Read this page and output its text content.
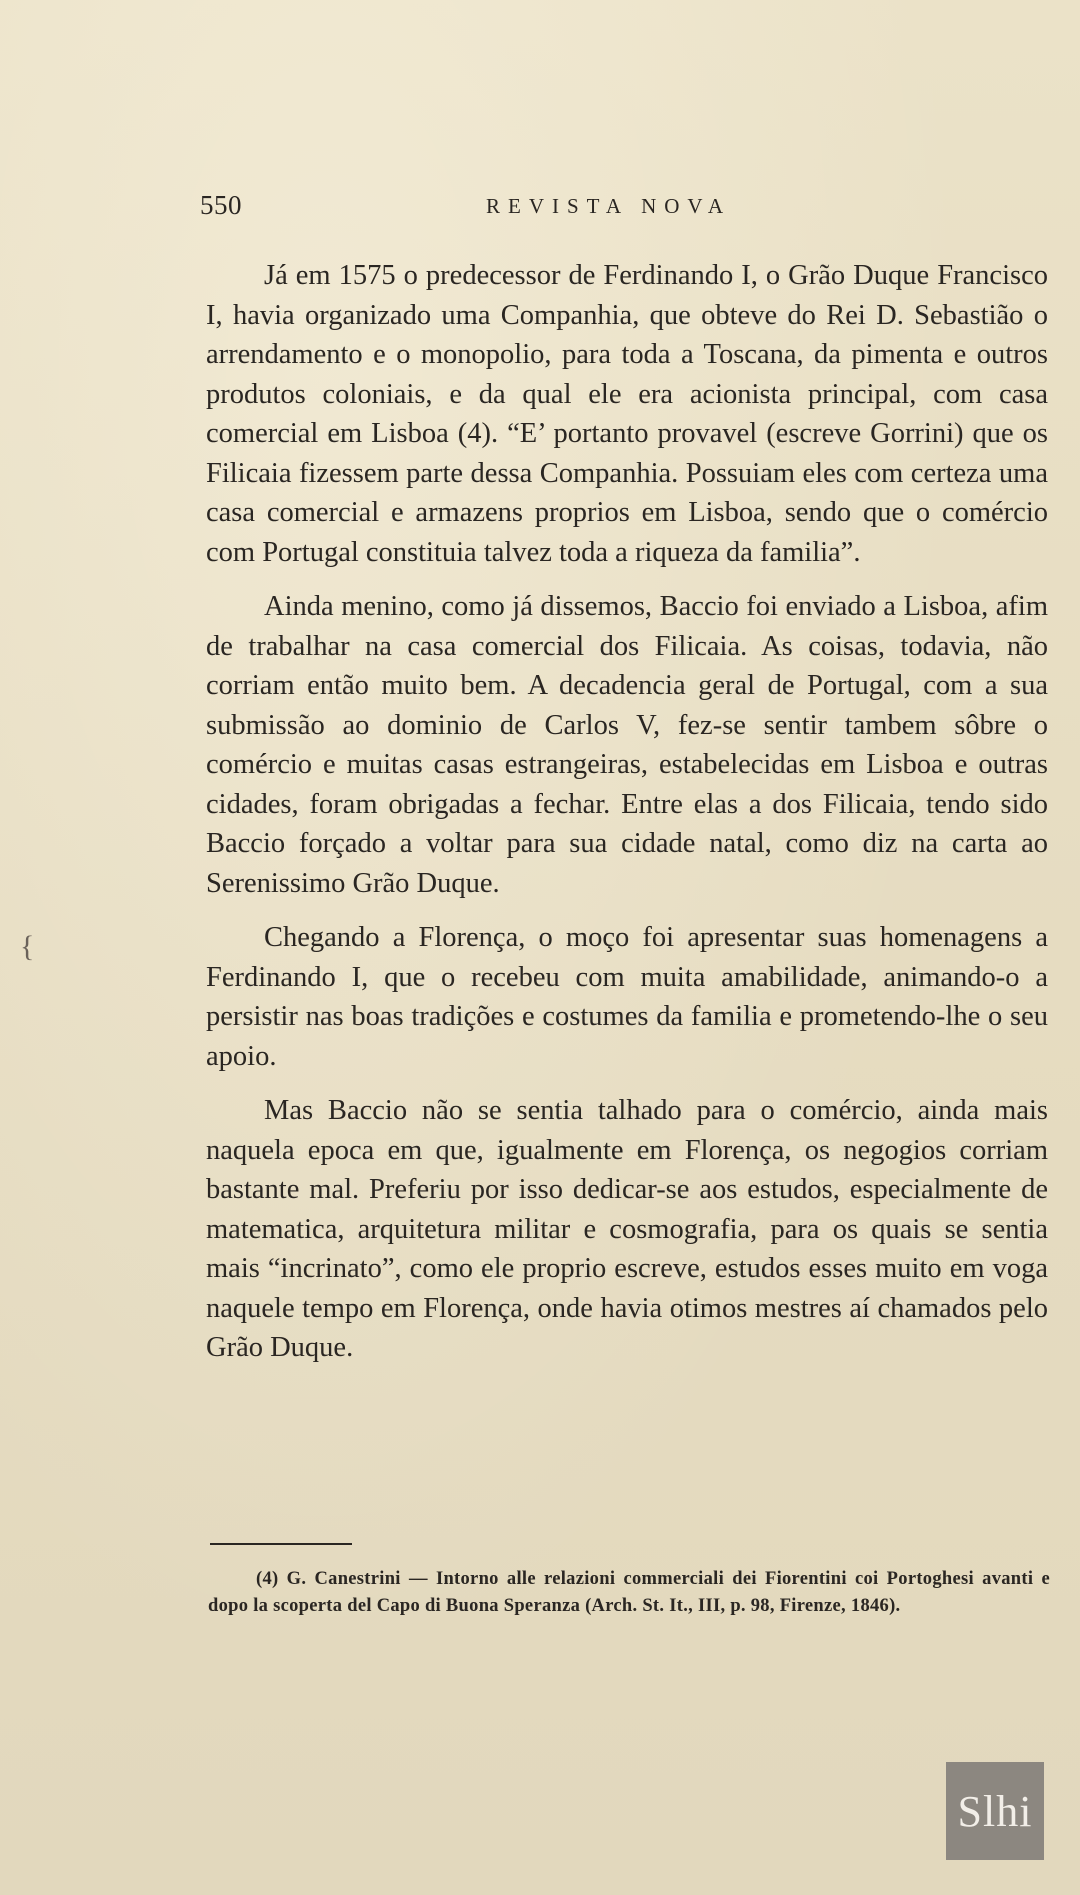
550	REVISTA NOVA

Já em 1575 o predecessor de Ferdinando I, o Grão Duque Francisco I, havia organizado uma Companhia, que obteve do Rei D. Sebastião o arrendamento e o monopolio, para toda a Toscana, da pimenta e outros produtos coloniais, e da qual ele era acionista principal, com casa comercial em Lisboa (4). “E’ portanto provavel (escreve Gorrini) que os Filicaia fizessem parte dessa Companhia. Possuiam eles com certeza uma casa comercial e armazens proprios em Lisboa, sendo que o comércio com Portugal constituia talvez toda a riqueza da familia”.

Ainda menino, como já dissemos, Baccio foi enviado a Lisboa, afim de trabalhar na casa comercial dos Filicaia. As coisas, todavia, não corriam então muito bem. A decadencia geral de Portugal, com a sua submissão ao dominio de Carlos V, fez-se sentir tambem sôbre o comércio e muitas casas estrangeiras, estabelecidas em Lisboa e outras cidades, foram obrigadas a fechar. Entre elas a dos Filicaia, tendo sido Baccio forçado a voltar para sua cidade natal, como diz na carta ao Serenissimo Grão Duque.

Chegando a Florença, o moço foi apresentar suas homenagens a Ferdinando I, que o recebeu com muita amabilidade, animando-o a persistir nas boas tradições e costumes da familia e prometendo-lhe o seu apoio.

Mas Baccio não se sentia talhado para o comércio, ainda mais naquela epoca em que, igualmente em Florença, os negogios corriam bastante mal. Preferiu por isso dedicar-se aos estudos, especialmente de matematica, arquitetura militar e cosmografia, para os quais se sentia mais “incrinato”, como ele proprio escreve, estudos esses muito em voga naquele tempo em Florença, onde havia otimos mestres aí chamados pelo Grão Duque.

(4) G. Canestrini — Intorno alle relazioni commerciali dei Fiorentini coi Portoghesi avanti e dopo la scoperta del Capo di Buona Speranza (Arch. St. It., III, p. 98, Firenze, 1846).

{
Slhi
